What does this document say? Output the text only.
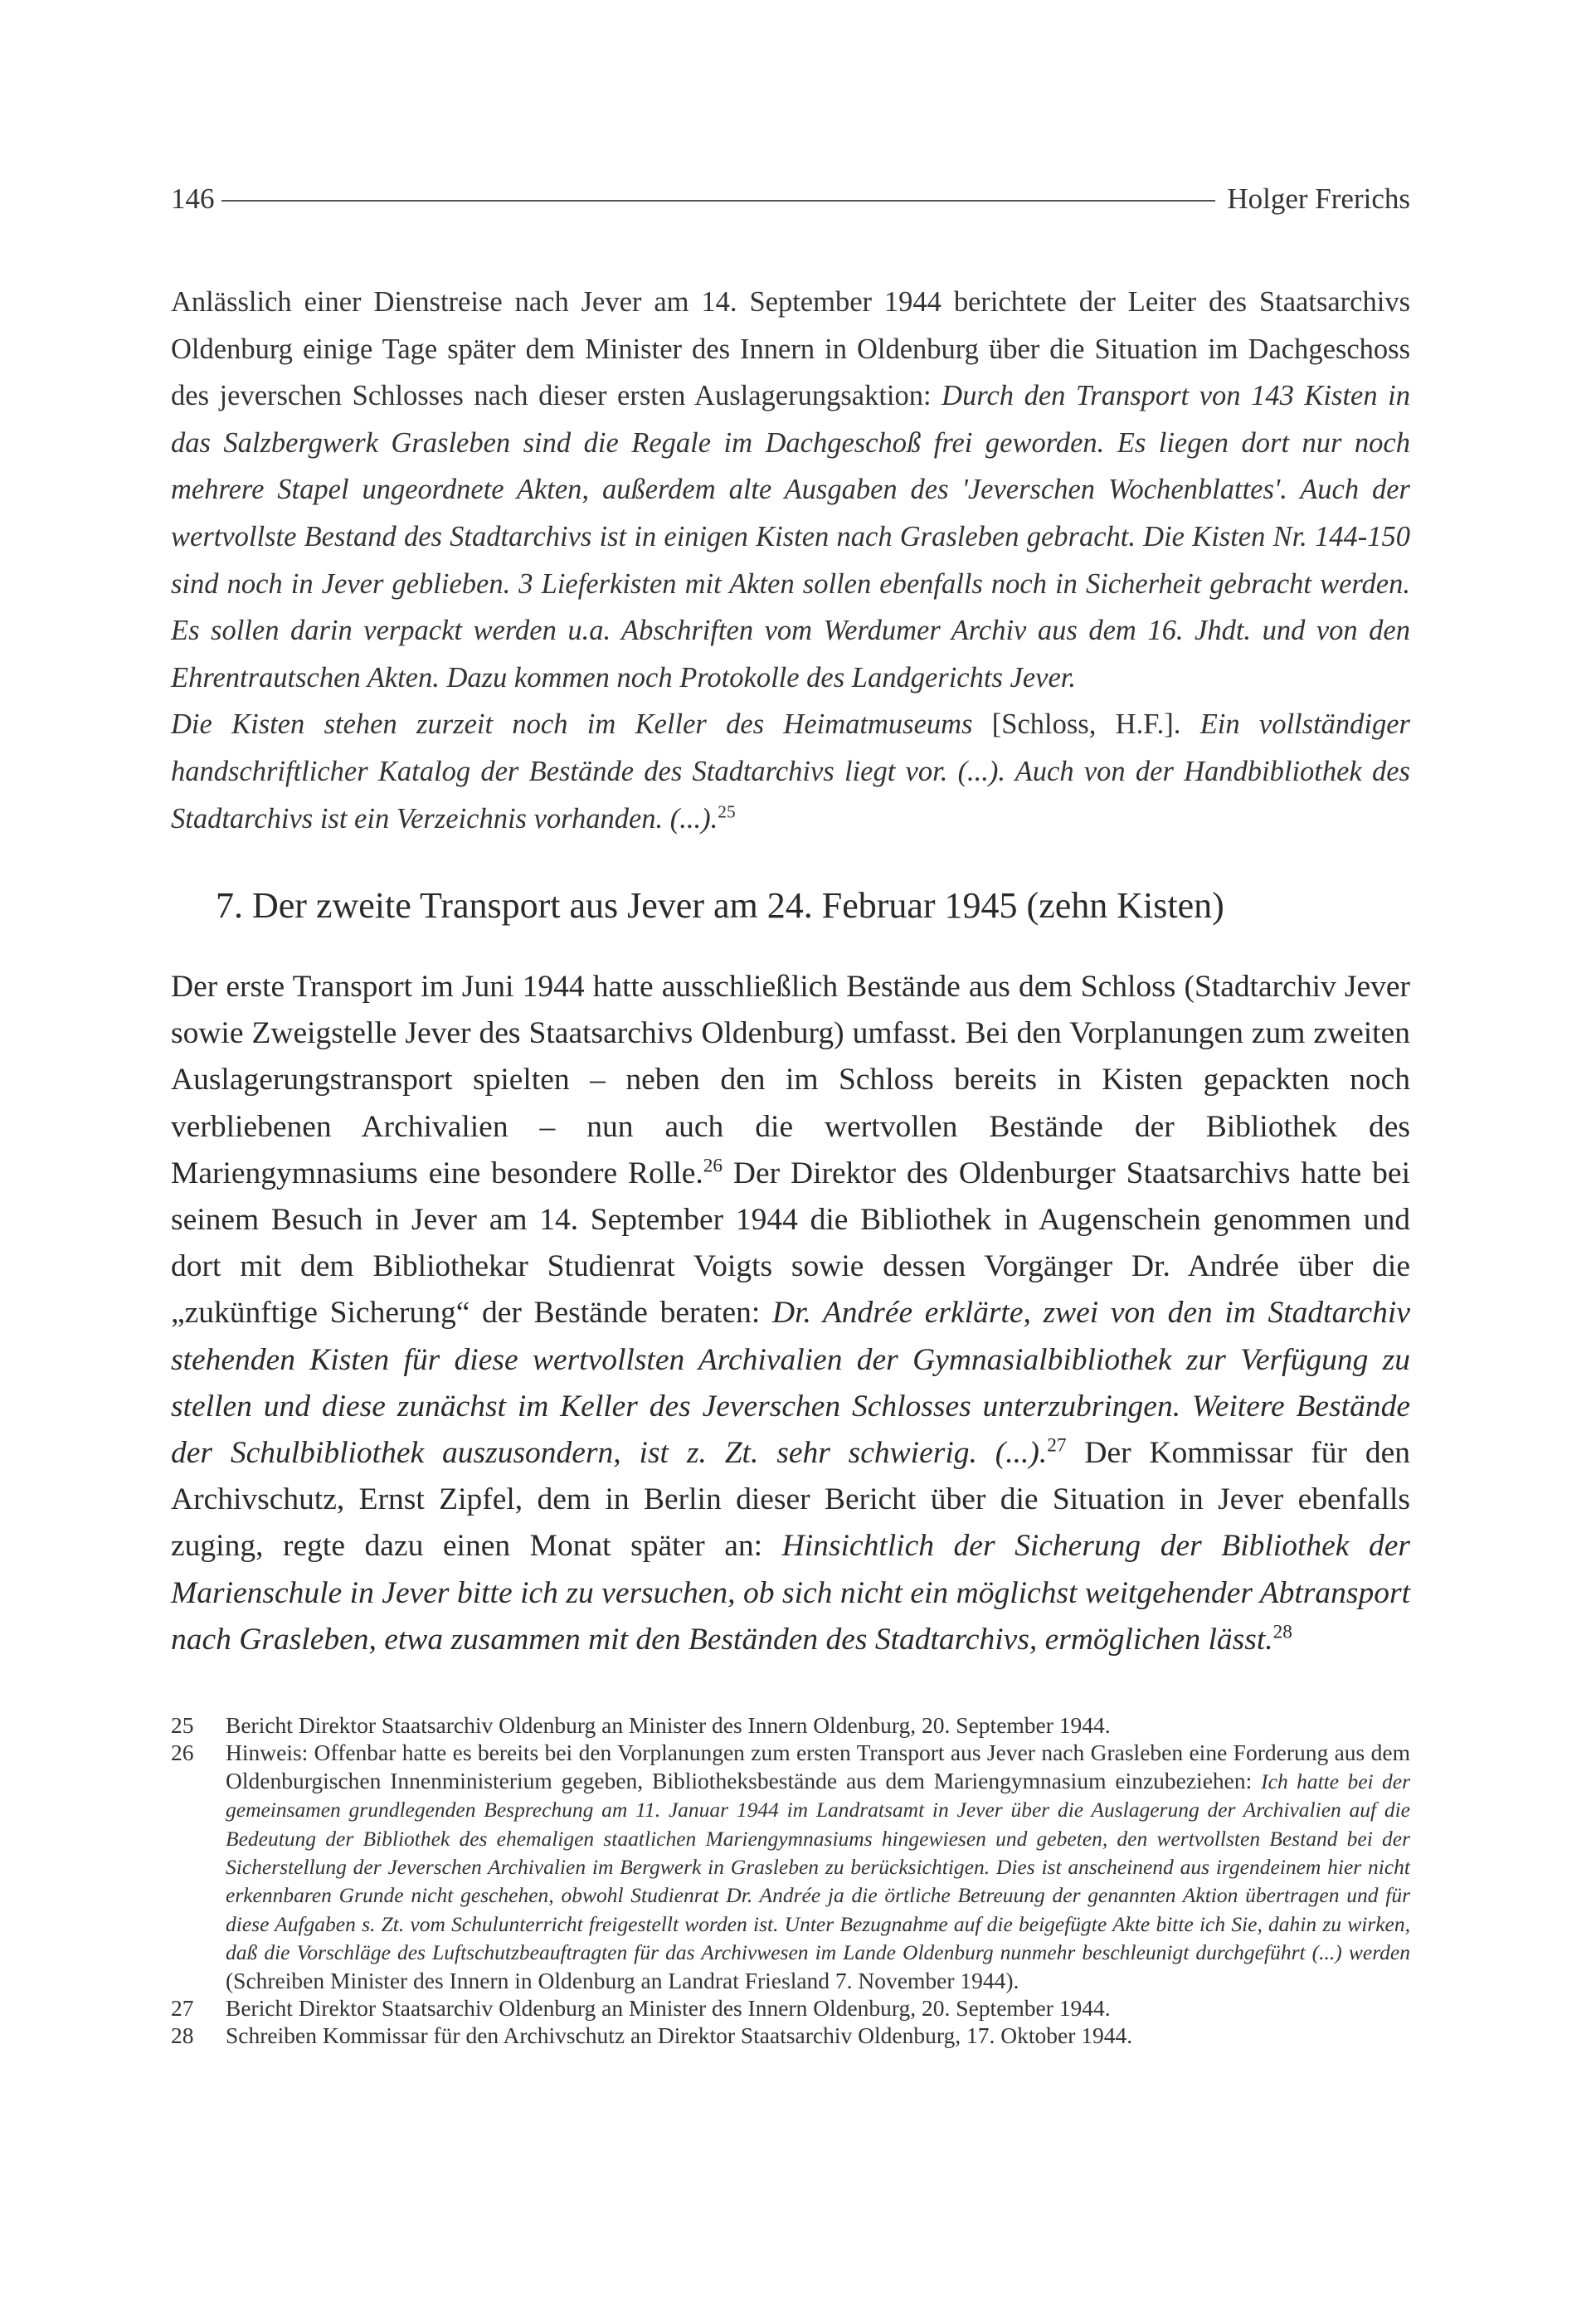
146	Holger Frerichs

Anlässlich einer Dienstreise nach Jever am 14. September 1944 berichtete der Leiter des Staatsarchivs Oldenburg einige Tage später dem Minister des Innern in Oldenburg über die Situation im Dachgeschoss des jeverschen Schlosses nach dieser ersten Auslagerungsaktion: Durch den Transport von 143 Kisten in das Salzbergwerk Grasleben sind die Regale im Dachgeschoß frei geworden. Es liegen dort nur noch mehrere Stapel ungeordnete Akten, außerdem alte Ausgaben des 'Jeverschen Wochenblattes'. Auch der wertvollste Bestand des Stadtarchivs ist in einigen Kisten nach Grasleben gebracht. Die Kisten Nr. 144-150 sind noch in Jever geblieben. 3 Lieferkisten mit Akten sollen ebenfalls noch in Sicherheit gebracht werden. Es sollen darin verpackt werden u.a. Abschriften vom Werdumer Archiv aus dem 16. Jhdt. und von den Ehrentrautschen Akten. Dazu kommen noch Protokolle des Landgerichts Jever.
Die Kisten stehen zurzeit noch im Keller des Heimatmuseums [Schloss, H.F.]. Ein vollständiger handschriftlicher Katalog der Bestände des Stadtarchivs liegt vor. (...). Auch von der Handbibliothek des Stadtarchivs ist ein Verzeichnis vorhanden. (...).$^{25}$

7. Der zweite Transport aus Jever am 24. Februar 1945 (zehn Kisten)

Der erste Transport im Juni 1944 hatte ausschließlich Bestände aus dem Schloss (Stadtarchiv Jever sowie Zweigstelle Jever des Staatsarchivs Oldenburg) umfasst. Bei den Vorplanungen zum zweiten Auslagerungstransport spielten – neben den im Schloss bereits in Kisten gepackten noch verbliebenen Archivalien – nun auch die wertvollen Bestände der Bibliothek des Mariengymnasiums eine besondere Rolle.$^{26}$ Der Direktor des Oldenburger Staatsarchivs hatte bei seinem Besuch in Jever am 14. September 1944 die Bibliothek in Augenschein genommen und dort mit dem Bibliothekar Studienrat Voigts sowie dessen Vorgänger Dr. Andrée über die „zukünftige Sicherung“ der Bestände beraten: Dr. Andrée erklärte, zwei von den im Stadtarchiv stehenden Kisten für diese wertvollsten Archivalien der Gymnasialbibliothek zur Verfügung zu stellen und diese zunächst im Keller des Jeverschen Schlosses unterzubringen. Weitere Bestände der Schulbibliothek auszusondern, ist z. Zt. sehr schwierig. (...).$^{27}$ Der Kommissar für den Archivschutz, Ernst Zipfel, dem in Berlin dieser Bericht über die Situation in Jever ebenfalls zuging, regte dazu einen Monat später an: Hinsichtlich der Sicherung der Bibliothek der Marienschule in Jever bitte ich zu versuchen, ob sich nicht ein möglichst weitgehender Abtransport nach Grasleben, etwa zusammen mit den Beständen des Stadtarchivs, ermöglichen lässt.$^{28}$

25	Bericht Direktor Staatsarchiv Oldenburg an Minister des Innern Oldenburg, 20. September 1944.
26	Hinweis: Offenbar hatte es bereits bei den Vorplanungen zum ersten Transport aus Jever nach Grasleben eine Forderung aus dem Oldenburgischen Innenministerium gegeben, Bibliotheksbestände aus dem Mariengymnasium einzubeziehen: Ich hatte bei der gemeinsamen grundlegenden Besprechung am 11. Januar 1944 im Landratsamt in Jever über die Auslagerung der Archivalien auf die Bedeutung der Bibliothek des ehemaligen staatlichen Mariengymnasiums hingewiesen und gebeten, den wertvollsten Bestand bei der Sicherstellung der Jeverschen Archivalien im Bergwerk in Grasleben zu berücksichtigen. Dies ist anscheinend aus irgendeinem hier nicht erkennbaren Grunde nicht geschehen, obwohl Studienrat Dr. Andrée ja die örtliche Betreuung der genannten Aktion übertragen und für diese Aufgaben s. Zt. vom Schulunterricht freigestellt worden ist. Unter Bezugnahme auf die beigefügte Akte bitte ich Sie, dahin zu wirken, daß die Vorschläge des Luftschutzbeauftragten für das Archivwesen im Lande Oldenburg nunmehr beschleunigt durchgeführt (...) werden (Schreiben Minister des Innern in Oldenburg an Landrat Friesland 7. November 1944).
27	Bericht Direktor Staatsarchiv Oldenburg an Minister des Innern Oldenburg, 20. September 1944.
28	Schreiben Kommissar für den Archivschutz an Direktor Staatsarchiv Oldenburg, 17. Oktober 1944.
